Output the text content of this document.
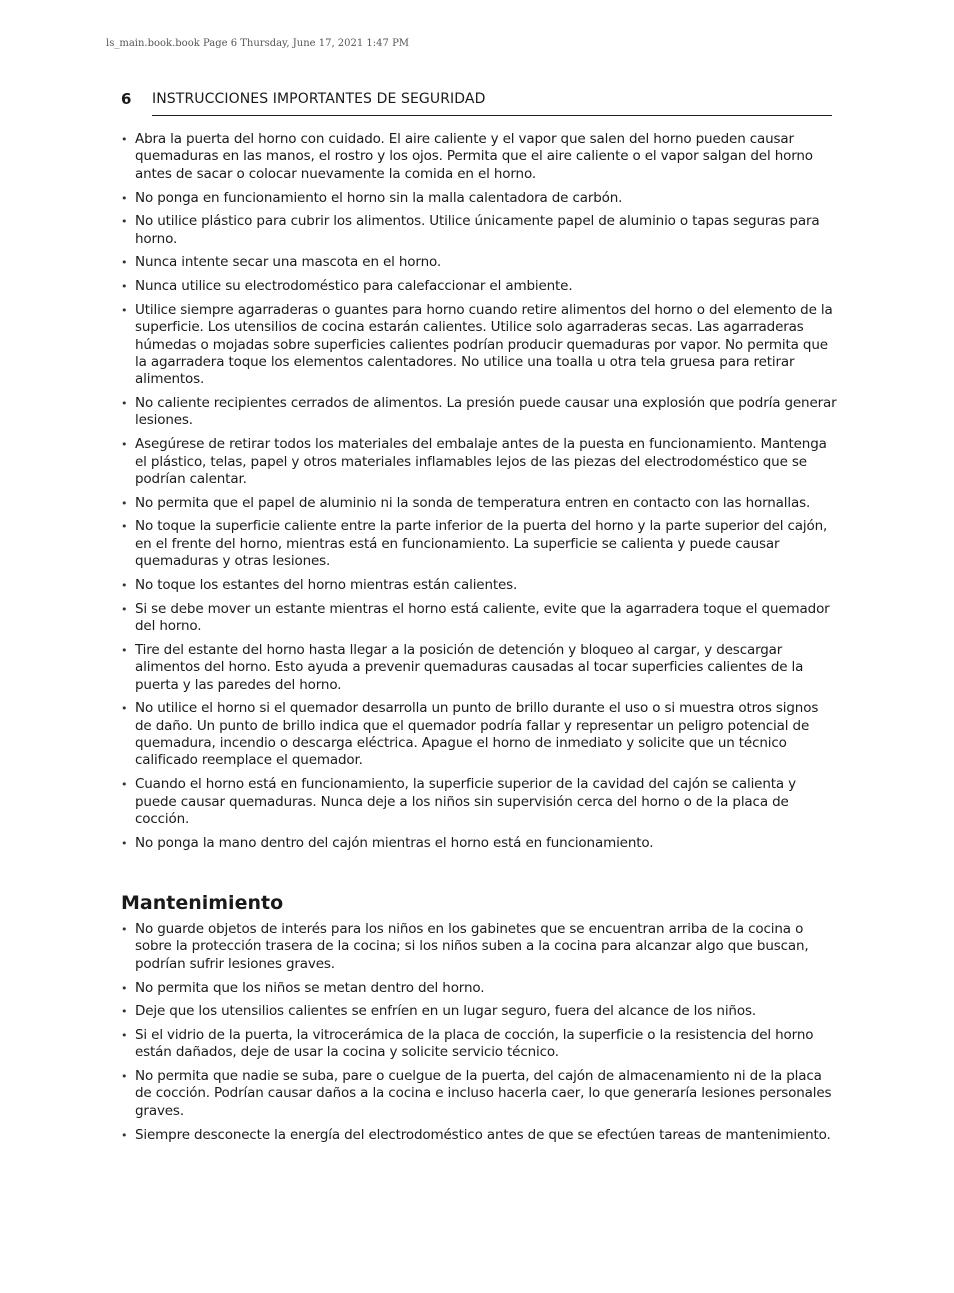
ls_main.book.book Page 6 Thursday, June 17, 2021 1:47 PM
6 INSTRUCCIONES IMPORTANTES DE SEGURIDAD
• Abra la puerta del horno con cuidado. El aire caliente y el vapor que salen del horno pueden causar quemaduras en las manos, el rostro y los ojos. Permita que el aire caliente o el vapor salgan del horno antes de sacar o colocar nuevamente la comida en el horno.
• No ponga en funcionamiento el horno sin la malla calentadora de carbón.
• No utilice plástico para cubrir los alimentos. Utilice únicamente papel de aluminio o tapas seguras para horno.
• Nunca intente secar una mascota en el horno.
• Nunca utilice su electrodoméstico para calefaccionar el ambiente.
• Utilice siempre agarraderas o guantes para horno cuando retire alimentos del horno o del elemento de la superficie. Los utensilios de cocina estarán calientes. Utilice solo agarraderas secas. Las agarraderas húmedas o mojadas sobre superficies calientes podrían producir quemaduras por vapor. No permita que la agarradera toque los elementos calentadores. No utilice una toalla u otra tela gruesa para retirar alimentos.
• No caliente recipientes cerrados de alimentos. La presión puede causar una explosión que podría generar lesiones.
• Asegúrese de retirar todos los materiales del embalaje antes de la puesta en funcionamiento. Mantenga el plástico, telas, papel y otros materiales inflamables lejos de las piezas del electrodoméstico que se podrían calentar.
• No permita que el papel de aluminio ni la sonda de temperatura entren en contacto con las hornallas.
• No toque la superficie caliente entre la parte inferior de la puerta del horno y la parte superior del cajón, en el frente del horno, mientras está en funcionamiento. La superficie se calienta y puede causar quemaduras y otras lesiones.
• No toque los estantes del horno mientras están calientes.
• Si se debe mover un estante mientras el horno está caliente, evite que la agarradera toque el quemador del horno.
• Tire del estante del horno hasta llegar a la posición de detención y bloqueo al cargar, y descargar alimentos del horno. Esto ayuda a prevenir quemaduras causadas al tocar superficies calientes de la puerta y las paredes del horno.
• No utilice el horno si el quemador desarrolla un punto de brillo durante el uso o si muestra otros signos de daño. Un punto de brillo indica que el quemador podría fallar y representar un peligro potencial de quemadura, incendio o descarga eléctrica. Apague el horno de inmediato y solicite que un técnico calificado reemplace el quemador.
• Cuando el horno está en funcionamiento, la superficie superior de la cavidad del cajón se calienta y puede causar quemaduras. Nunca deje a los niños sin supervisión cerca del horno o de la placa de cocción.
• No ponga la mano dentro del cajón mientras el horno está en funcionamiento.
Mantenimiento
• No guarde objetos de interés para los niños en los gabinetes que se encuentran arriba de la cocina o sobre la protección trasera de la cocina; si los niños suben a la cocina para alcanzar algo que buscan, podrían sufrir lesiones graves.
• No permita que los niños se metan dentro del horno.
• Deje que los utensilios calientes se enfríen en un lugar seguro, fuera del alcance de los niños.
• Si el vidrio de la puerta, la vitrocerámica de la placa de cocción, la superficie o la resistencia del horno están dañados, deje de usar la cocina y solicite servicio técnico.
• No permita que nadie se suba, pare o cuelgue de la puerta, del cajón de almacenamiento ni de la placa de cocción. Podrían causar daños a la cocina e incluso hacerla caer, lo que generaría lesiones personales graves.
• Siempre desconecte la energía del electrodoméstico antes de que se efectúen tareas de mantenimiento.
